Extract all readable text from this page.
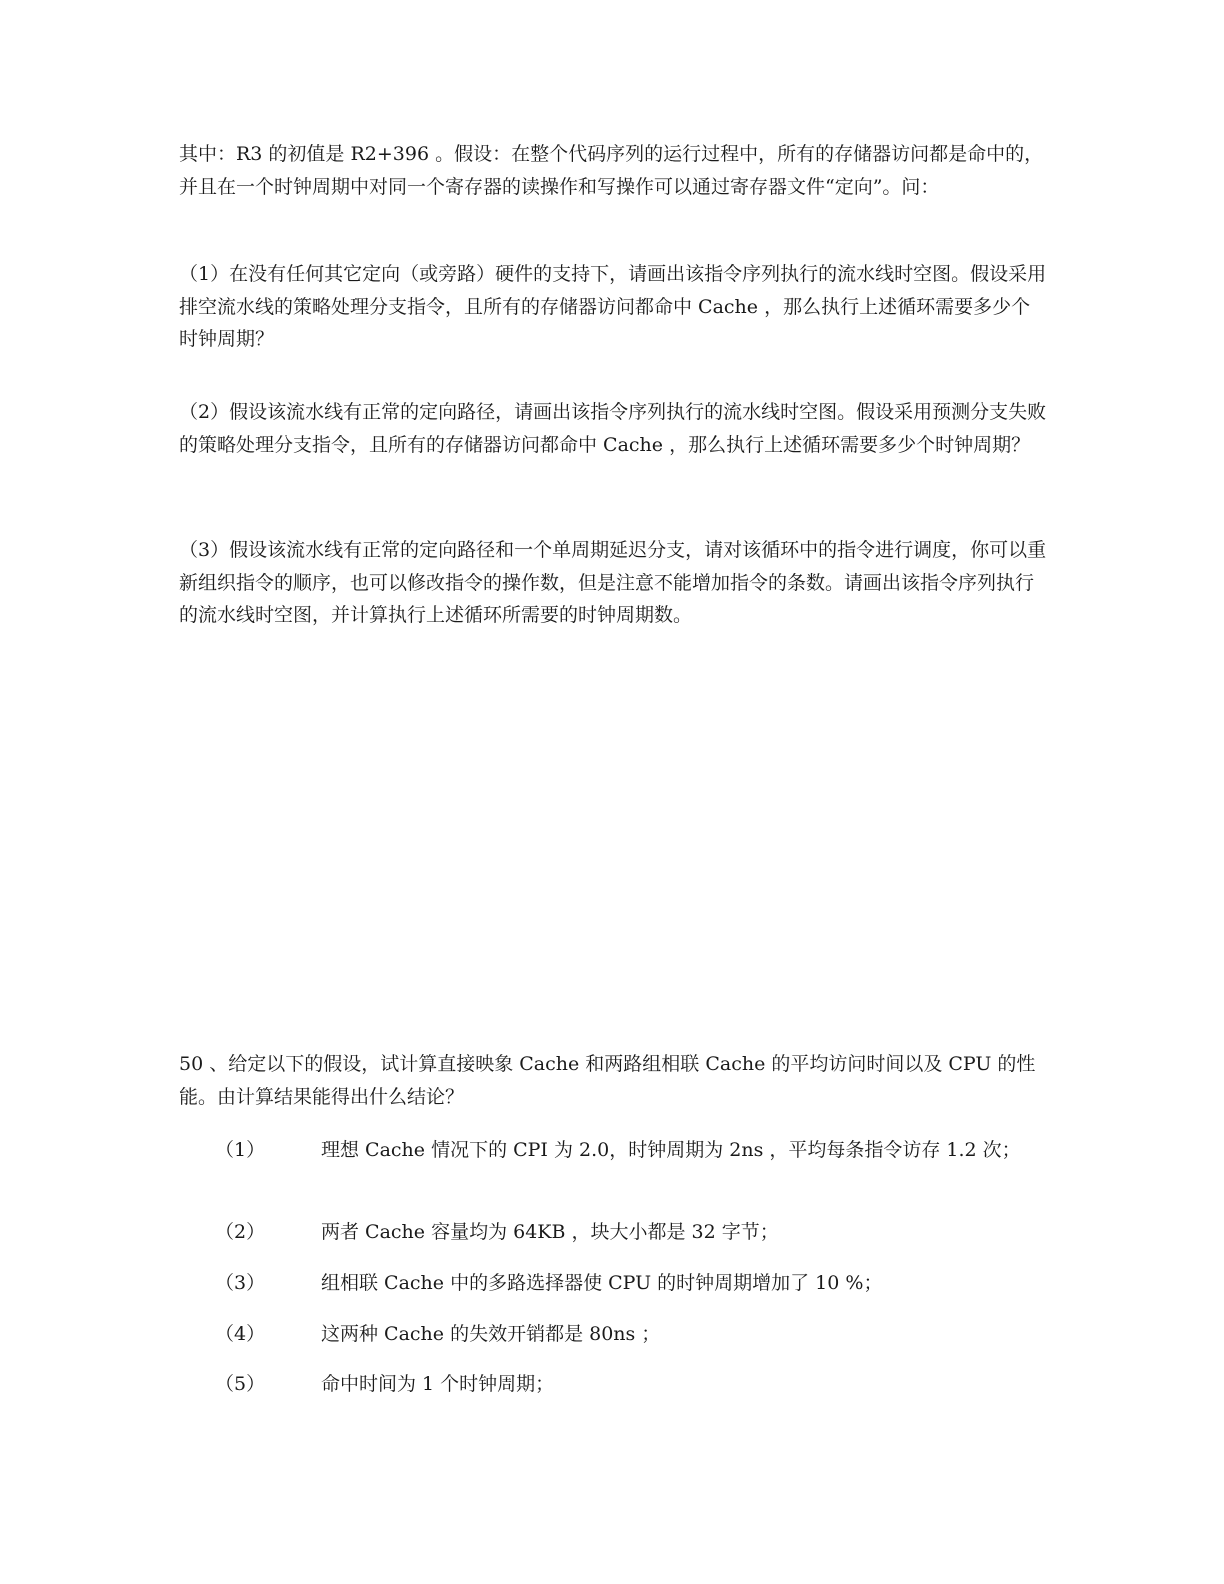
其中：R3 的初值是 R2+396 。假设：在整个代码序列的运行过程中，所有的存储器访问都是命中的，并且在一个时钟周期中对同一个寄存器的读操作和写操作可以通过寄存器文件“定向”。问：

（1）在没有任何其它定向（或旁路）硬件的支持下，请画出该指令序列执行的流水线时空图。假设采用排空流水线的策略处理分支指令，且所有的存储器访问都命中 Cache ，那么执行上述循环需要多少个时钟周期？

（2）假设该流水线有正常的定向路径，请画出该指令序列执行的流水线时空图。假设采用预测分支失败的策略处理分支指令，且所有的存储器访问都命中 Cache ，那么执行上述循环需要多少个时钟周期？

（3）假设该流水线有正常的定向路径和一个单周期延迟分支，请对该循环中的指令进行调度，你可以重新组织指令的顺序，也可以修改指令的操作数，但是注意不能增加指令的条数。请画出该指令序列执行的流水线时空图，并计算执行上述循环所需要的时钟周期数。

50 、给定以下的假设，试计算直接映象 Cache 和两路组相联 Cache 的平均访问时间以及 CPU 的性能。由计算结果能得出什么结论？

（1）	理想 Cache 情况下的 CPI 为 2.0，时钟周期为 2ns ，平均每条指令访存 1.2 次；
（2）	两者 Cache 容量均为 64KB ，块大小都是 32 字节；
（3）	组相联 Cache 中的多路选择器使 CPU 的时钟周期增加了 10 %；
（4）	这两种 Cache 的失效开销都是 80ns ；
（5）	命中时间为 1 个时钟周期；
